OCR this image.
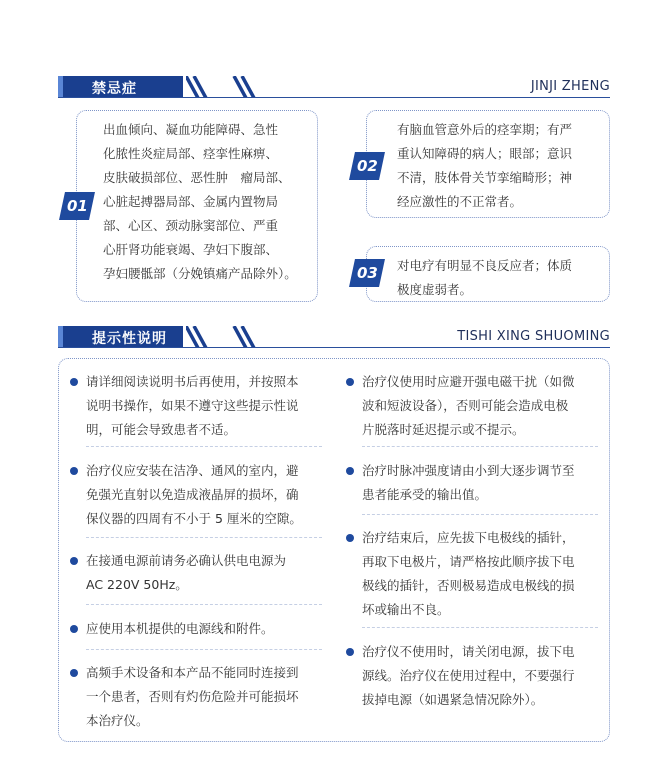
禁忌症	JINJI ZHENG
01
出血倾向、凝血功能障碍、急性
化脓性炎症局部、痉挛性麻痹、
皮肤破损部位、恶性肿　瘤局部、
心脏起搏器局部、金属内置物局
部、心区、颈动脉窦部位、严重
心肝肾功能衰竭、孕妇下腹部、
孕妇腰骶部（分娩镇痛产品除外）。
02
有脑血管意外后的痉挛期；有严
重认知障碍的病人；眼部；意识
不清，肢体骨关节挛缩畸形；神
经应激性的不正常者。
03 对电疗有明显不良反应者；体质
极度虚弱者。
提示性说明	TISHI XING SHUOMING
请详细阅读说明书后再使用，并按照本
说明书操作，如果不遵守这些提示性说
明，可能会导致患者不适。
治疗仪应安装在洁净、通风的室内，避
免强光直射以免造成液晶屏的损坏，确
保仪器的四周有不小于 5 厘米的空隙。
在接通电源前请务必确认供电电源为
AC 220V 50Hz。
应使用本机提供的电源线和附件。
高频手术设备和本产品不能同时连接到
一个患者，否则有灼伤危险并可能损坏
本治疗仪。
治疗仪使用时应避开强电磁干扰（如微
波和短波设备），否则可能会造成电极
片脱落时延迟提示或不提示。
治疗时脉冲强度请由小到大逐步调节至
患者能承受的输出值。
治疗结束后，应先拔下电极线的插针，
再取下电极片，请严格按此顺序拔下电
极线的插针，否则极易造成电极线的损
坏或输出不良。
治疗仪不使用时，请关闭电源，拔下电
源线。治疗仪在使用过程中，不要强行
拔掉电源（如遇紧急情况除外）。
